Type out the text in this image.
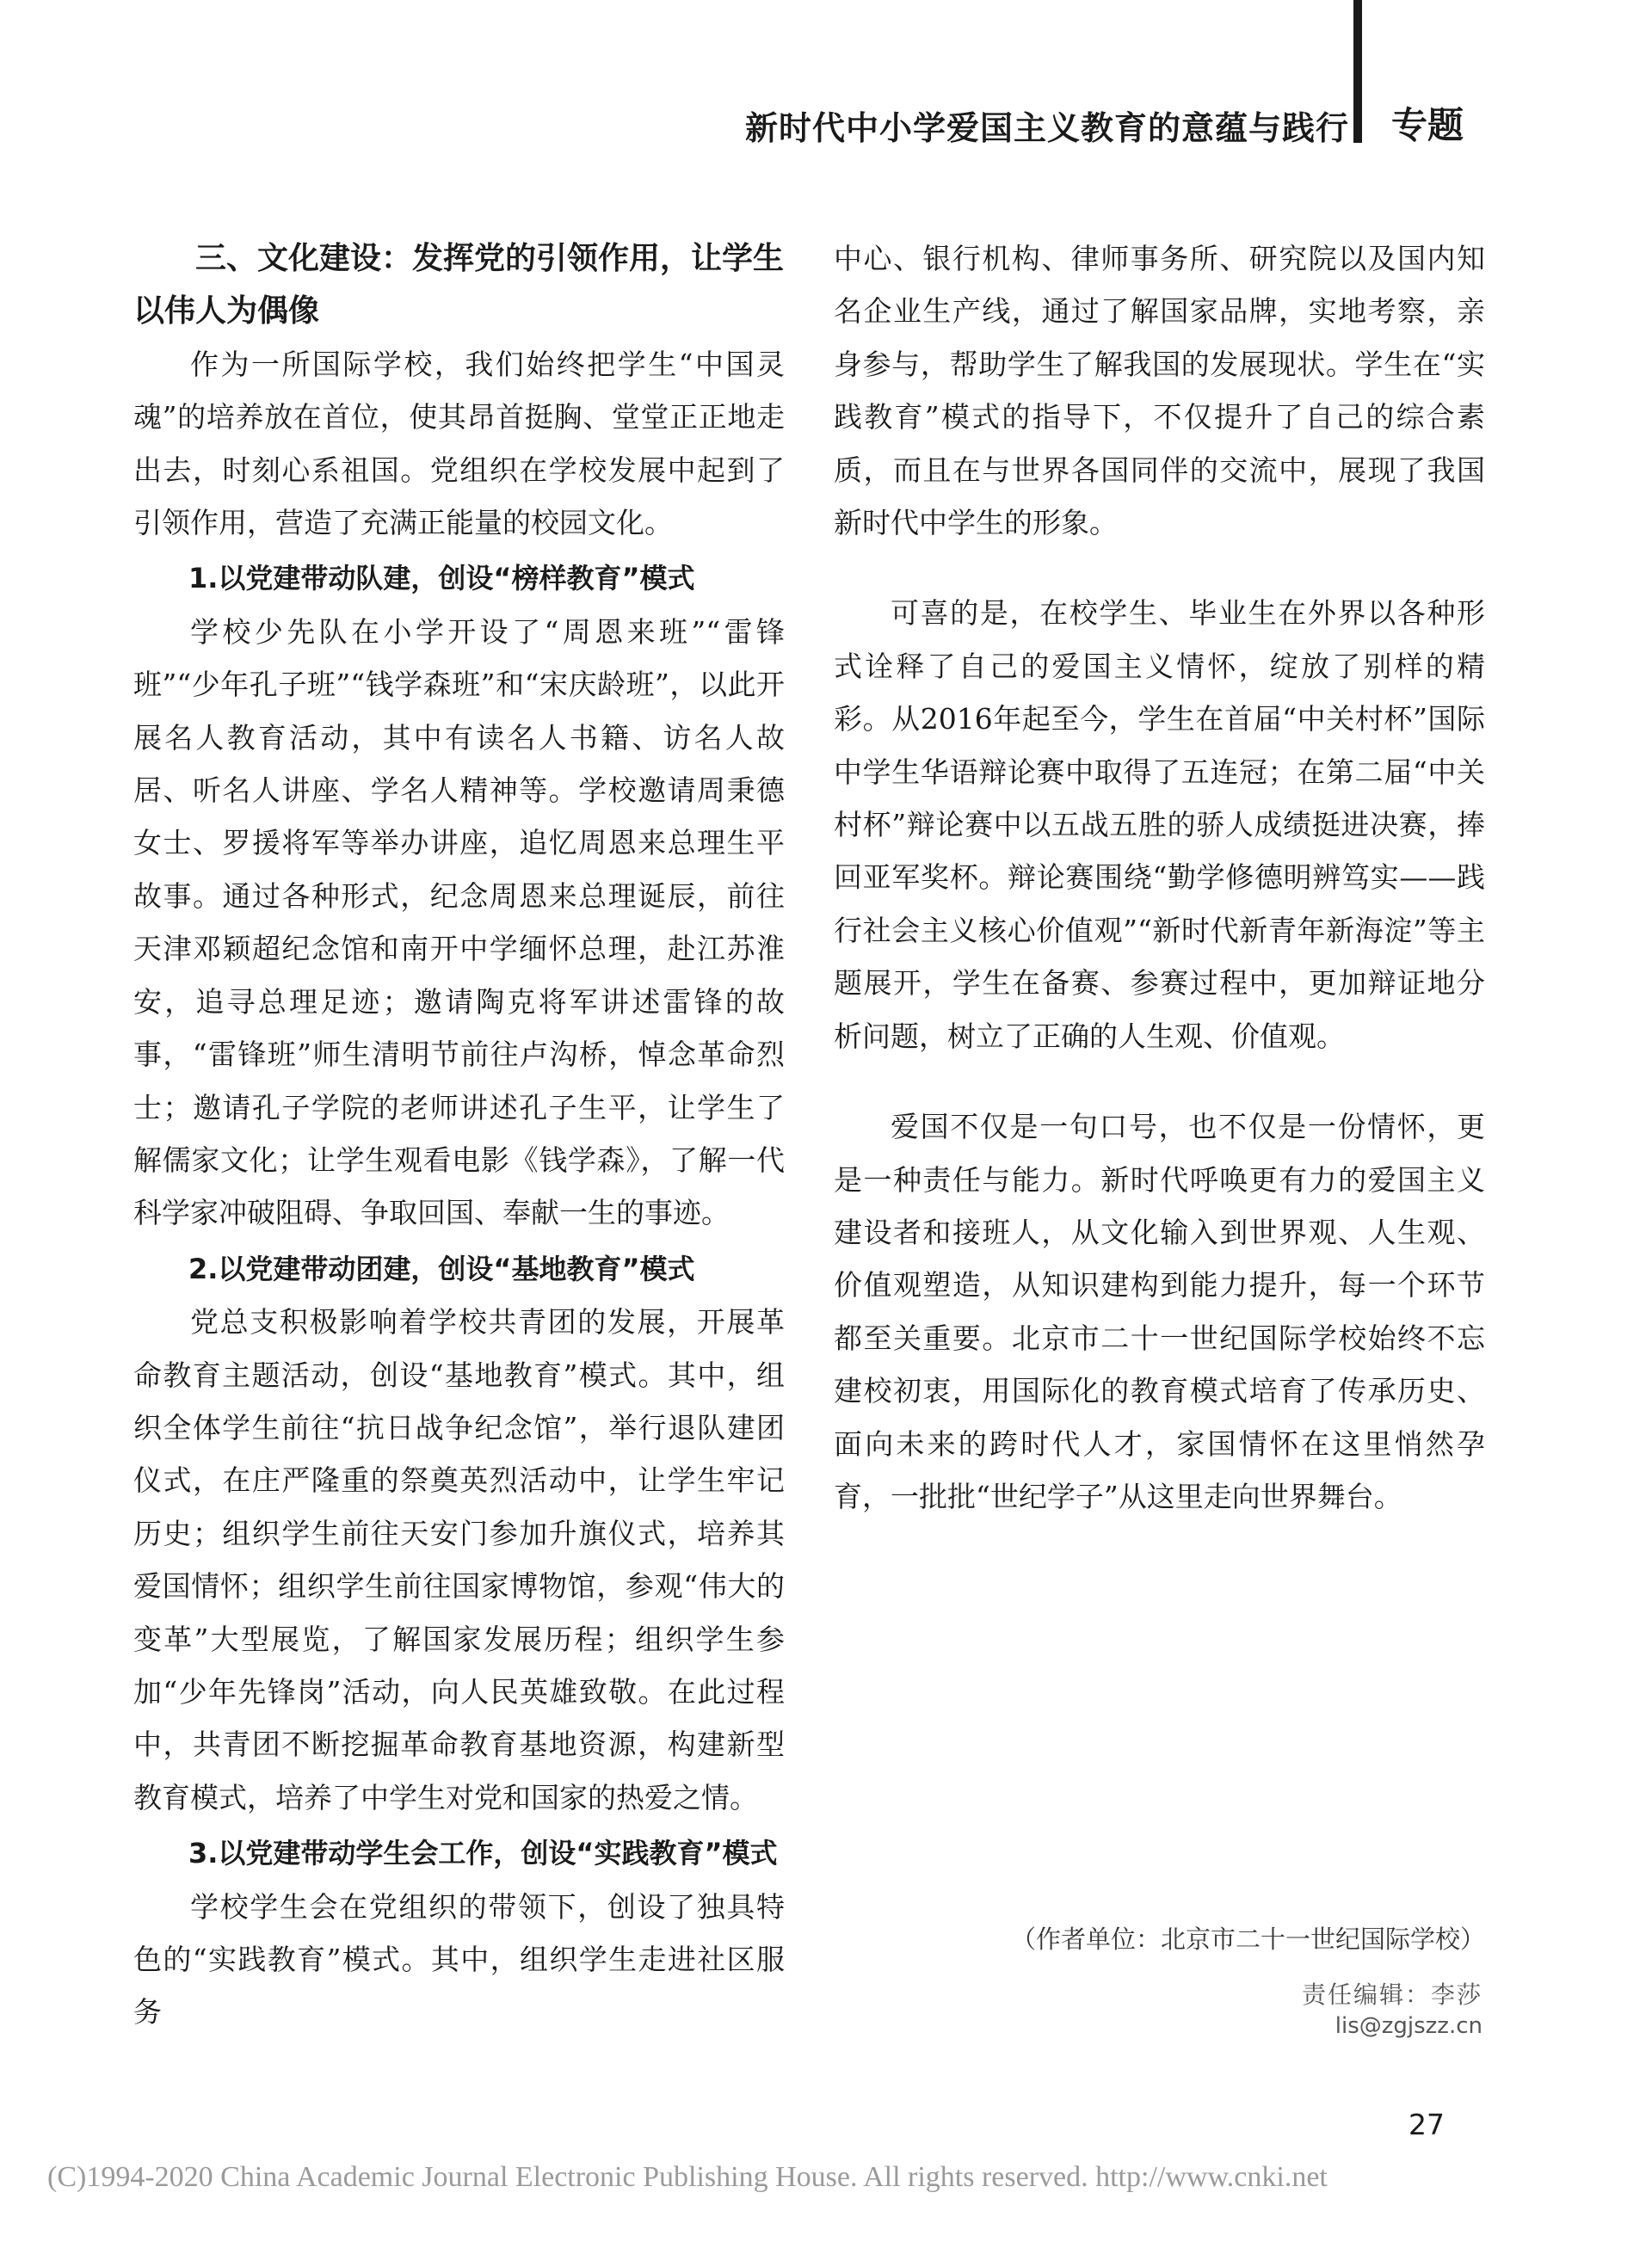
新时代中小学爱国主义教育的意蕴与践行 专题
三、文化建设：发挥党的引领作用，让学生以伟人为偶像

作为一所国际学校，我们始终把学生“中国灵魂”的培养放在首位，使其昂首挺胸、堂堂正正地走出去，时刻心系祖国。党组织在学校发展中起到了引领作用，营造了充满正能量的校园文化。

1.以党建带动队建，创设“榜样教育”模式

学校少先队在小学开设了“周恩来班”“雷锋班”“少年孔子班”“钱学森班”和“宋庆龄班”，以此开展名人教育活动，其中有读名人书籍、访名人故居、听名人讲座、学名人精神等。学校邀请周秉德女士、罗援将军等举办讲座，追忆周恩来总理生平故事。通过各种形式，纪念周恩来总理诞辰，前往天津邓颖超纪念馆和南开中学缅怀总理，赴江苏淮安，追寻总理足迹；邀请陶克将军讲述雷锋的故事，“雷锋班”师生清明节前往卢沟桥，悼念革命烈士；邀请孔子学院的老师讲述孔子生平，让学生了解儒家文化；让学生观看电影《钱学森》，了解一代科学家冲破阻碍、争取回国、奉献一生的事迹。

2.以党建带动团建，创设“基地教育”模式

党总支积极影响着学校共青团的发展，开展革命教育主题活动，创设“基地教育”模式。其中，组织全体学生前往“抗日战争纪念馆”，举行退队建团仪式，在庄严隆重的祭奠英烈活动中，让学生牢记历史；组织学生前往天安门参加升旗仪式，培养其爱国情怀；组织学生前往国家博物馆，参观“伟大的变革”大型展览，了解国家发展历程；组织学生参加“少年先锋岗”活动，向人民英雄致敬。在此过程中，共青团不断挖掘革命教育基地资源，构建新型教育模式，培养了中学生对党和国家的热爱之情。

3.以党建带动学生会工作，创设“实践教育”模式

学校学生会在党组织的带领下，创设了独具特色的“实践教育”模式。其中，组织学生走进社区服务

中心、银行机构、律师事务所、研究院以及国内知名企业生产线，通过了解国家品牌，实地考察，亲身参与，帮助学生了解我国的发展现状。学生在“实践教育”模式的指导下，不仅提升了自己的综合素质，而且在与世界各国同伴的交流中，展现了我国新时代中学生的形象。

可喜的是，在校学生、毕业生在外界以各种形式诠释了自己的爱国主义情怀，绽放了别样的精彩。从2016年起至今，学生在首届“中关村杯”国际中学生华语辩论赛中取得了五连冠；在第二届“中关村杯”辩论赛中以五战五胜的骄人成绩挺进决赛，捧回亚军奖杯。辩论赛围绕“勤学修德明辨笃实——践行社会主义核心价值观”“新时代新青年新海淀”等主题展开，学生在备赛、参赛过程中，更加辩证地分析问题，树立了正确的人生观、价值观。

爱国不仅是一句口号，也不仅是一份情怀，更是一种责任与能力。新时代呼唤更有力的爱国主义建设者和接班人，从文化输入到世界观、人生观、价值观塑造，从知识建构到能力提升，每一个环节都至关重要。北京市二十一世纪国际学校始终不忘建校初衷，用国际化的教育模式培育了传承历史、面向未来的跨时代人才，家国情怀在这里悄然孕育，一批批“世纪学子”从这里走向世界舞台。

（作者单位：北京市二十一世纪国际学校）
责任编辑：李莎
lis@zgjszz.cn
27
(C)1994-2020 China Academic Journal Electronic Publishing House. All rights reserved. http://www.cnki.net
